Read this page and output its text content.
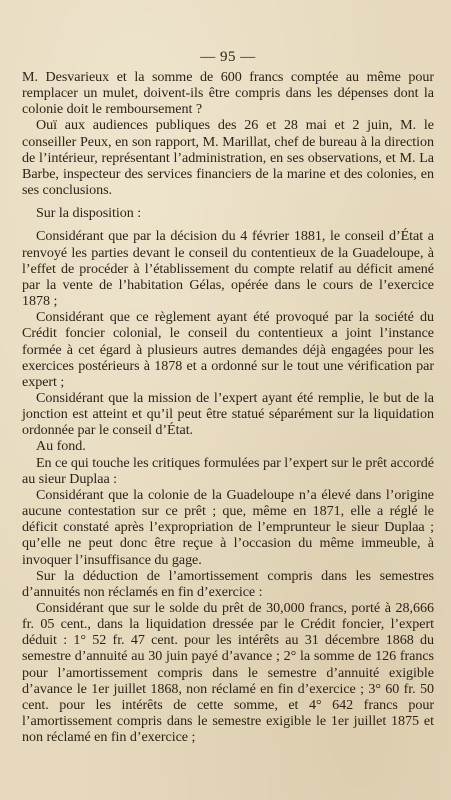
— 95 —

M. Desvarieux et la somme de 600 francs comptée au même pour remplacer un mulet, doivent-ils être compris dans les dépenses dont la colonie doit le remboursement ?

Ouï aux audiences publiques des 26 et 28 mai et 2 juin, M. le conseiller Peux, en son rapport, M. Marillat, chef de bureau à la direction de l’intérieur, représentant l’administration, en ses observations, et M. La Barbe, inspecteur des services financiers de la marine et des colonies, en ses conclusions.

Sur la disposition :

Considérant que par la décision du 4 février 1881, le conseil d’État a renvoyé les parties devant le conseil du contentieux de la Guadeloupe, à l’effet de procéder à l’établissement du compte relatif au déficit amené par la vente de l’habitation Gélas, opérée dans le cours de l’exercice 1878 ;

Considérant que ce règlement ayant été provoqué par la société du Crédit foncier colonial, le conseil du contentieux a joint l’instance formée à cet égard à plusieurs autres demandes déjà engagées pour les exercices postérieurs à 1878 et a ordonné sur le tout une vérification par expert ;

Considérant que la mission de l’expert ayant été remplie, le but de la jonction est atteint et qu’il peut être statué séparément sur la liquidation ordonnée par le conseil d’État.

Au fond.

En ce qui touche les critiques formulées par l’expert sur le prêt accordé au sieur Duplaa :

Considérant que la colonie de la Guadeloupe n’a élevé dans l’origine aucune contestation sur ce prêt ; que, même en 1871, elle a réglé le déficit constaté après l’expropriation de l’emprunteur le sieur Duplaa ; qu’elle ne peut donc être reçue à l’occasion du même immeuble, à invoquer l’insuffisance du gage.

Sur la déduction de l’amortissement compris dans les semestres d’annuités non réclamés en fin d’exercice :

Considérant que sur le solde du prêt de 30,000 francs, porté à 28,666 fr. 05 cent., dans la liquidation dressée par le Crédit foncier, l’expert déduit : 1° 52 fr. 47 cent. pour les intérêts au 31 décembre 1868 du semestre d’annuité au 30 juin payé d’avance ; 2° la somme de 126 francs pour l’amortissement compris dans le semestre d’annuité exigible d’avance le 1er juillet 1868, non réclamé en fin d’exercice ; 3° 60 fr. 50 cent. pour les intérêts de cette somme, et 4° 642 francs pour l’amortissement compris dans le semestre exigible le 1er juillet 1875 et non réclamé en fin d’exercice ;
